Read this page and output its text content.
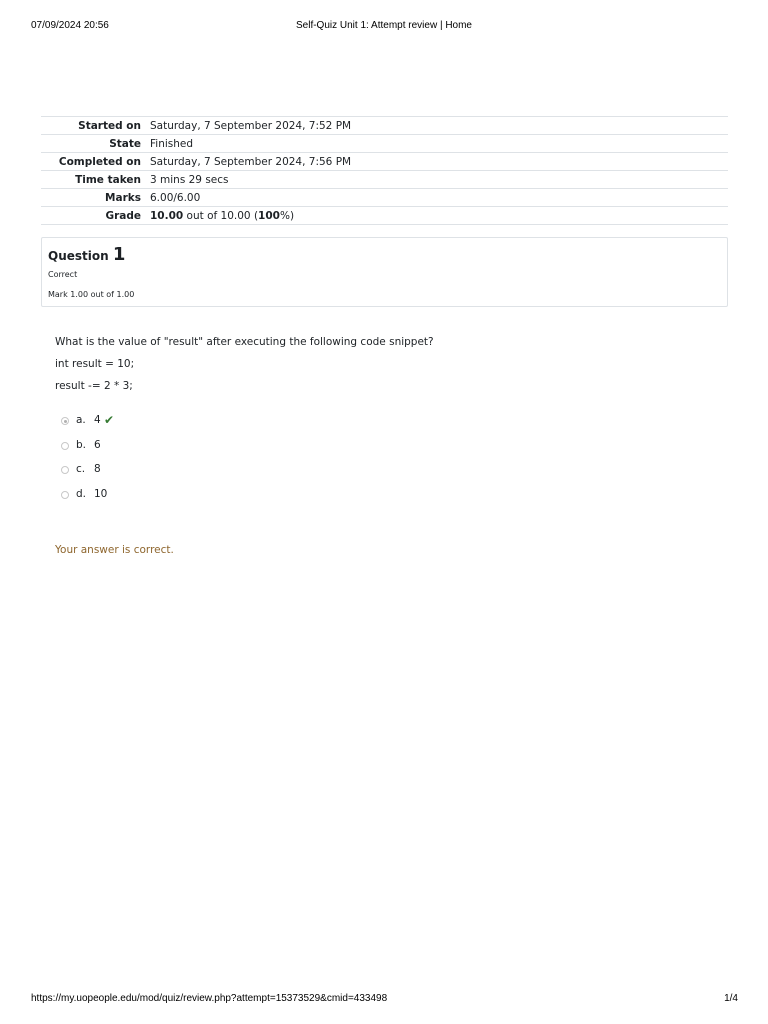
07/09/2024 20:56	Self-Quiz Unit 1: Attempt review | Home
Started on	Saturday, 7 September 2024, 7:52 PM
State	Finished
Completed on	Saturday, 7 September 2024, 7:56 PM
Time taken	3 mins 29 secs
Marks	6.00/6.00
Grade	10.00 out of 10.00 (100%)
Question 1
Correct
Mark 1.00 out of 1.00
What is the value of "result" after executing the following code snippet?
int result = 10;
result -= 2 * 3;
a. 4 ✔
b. 6
c. 8
d. 10
Your answer is correct.
https://my.uopeople.edu/mod/quiz/review.php?attempt=15373529&cmid=433498	1/4
